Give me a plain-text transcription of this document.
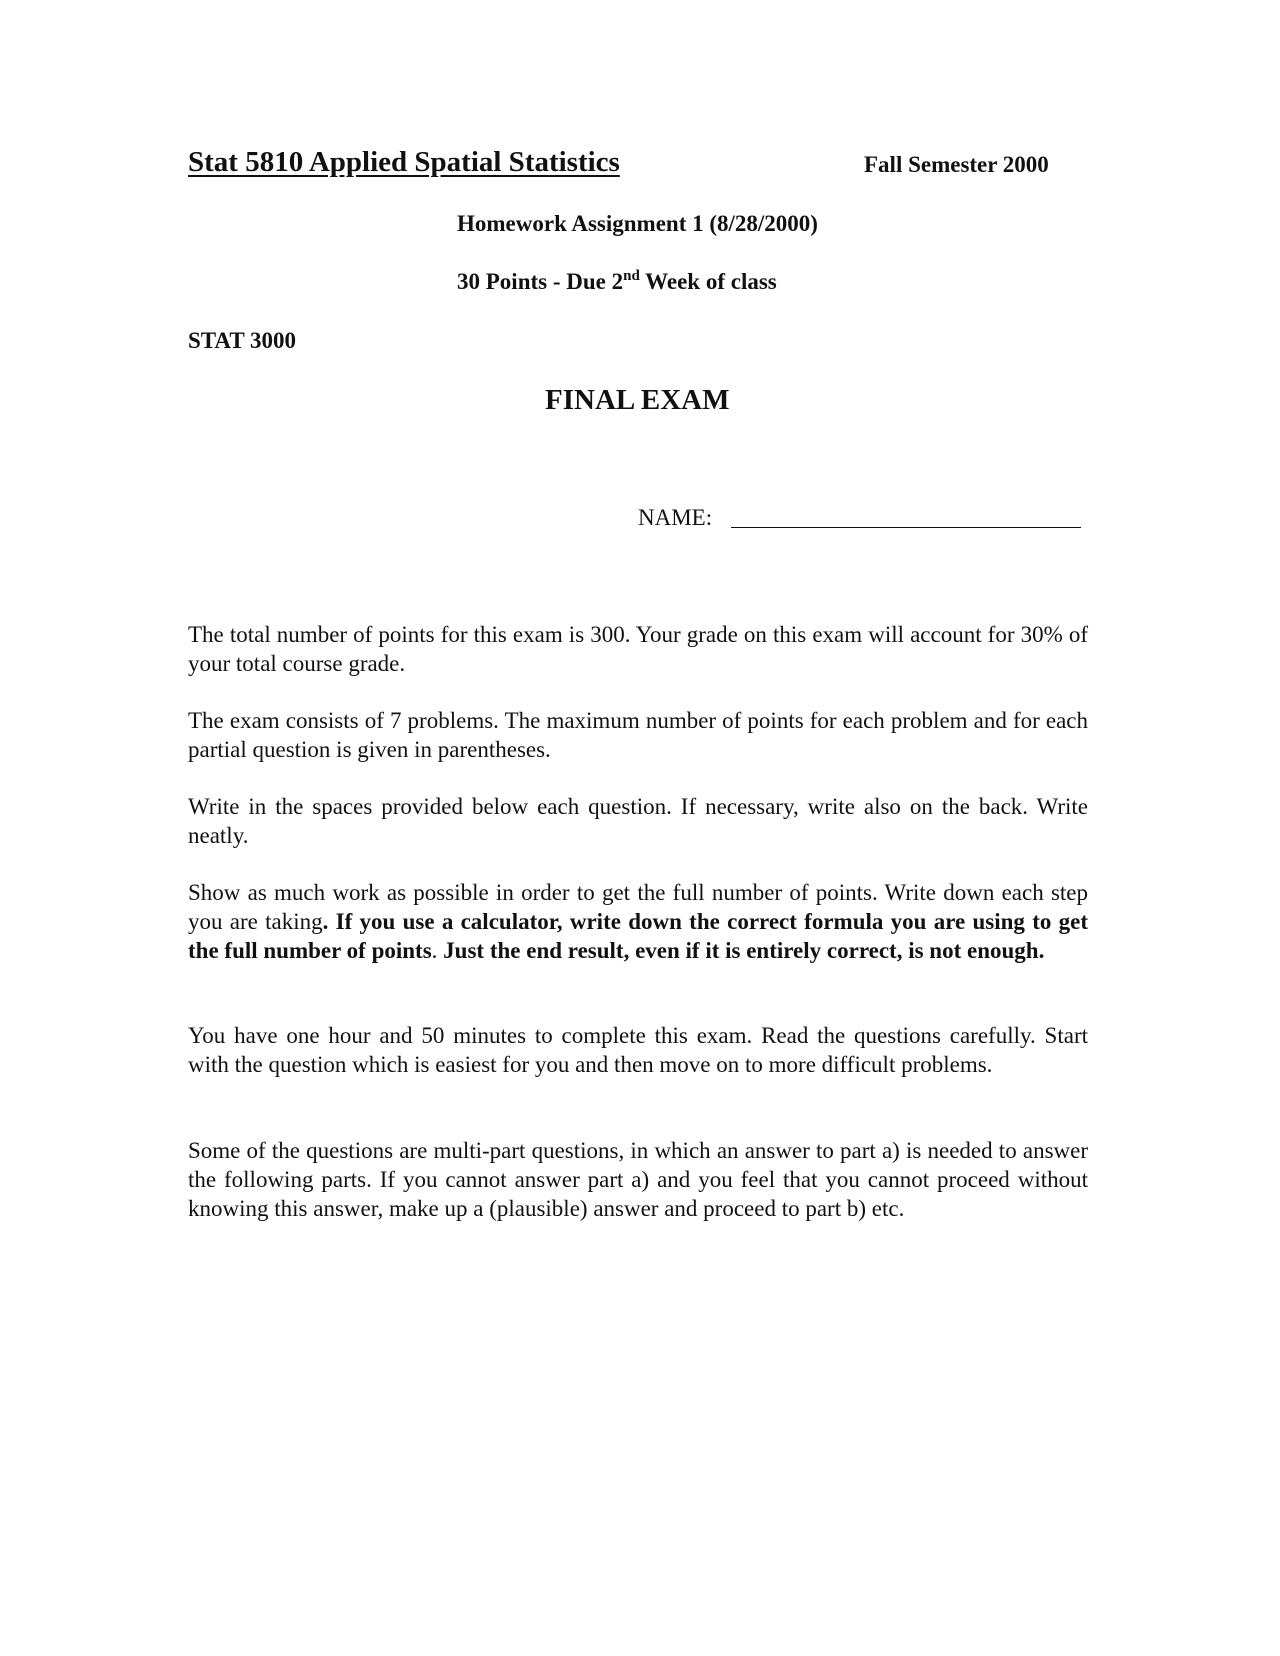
Stat 5810 Applied Spatial Statistics	Fall Semester 2000
Homework Assignment 1 (8/28/2000)
30 Points - Due 2nd Week of class
STAT 3000
FINAL EXAM
NAME:

The total number of points for this exam is 300. Your grade on this exam will account for 30% of your total course grade.

The exam consists of 7 problems. The maximum number of points for each problem and for each partial question is given in parentheses.

Write in the spaces provided below each question. If necessary, write also on the back. Write neatly.

Show as much work as possible in order to get the full number of points. Write down each step you are taking. If you use a calculator, write down the correct formula you are using to get the full number of points. Just the end result, even if it is entirely correct, is not enough.

You have one hour and 50 minutes to complete this exam. Read the questions carefully. Start with the question which is easiest for you and then move on to more difficult problems.

Some of the questions are multi-part questions, in which an answer to part a) is needed to answer the following parts. If you cannot answer part a) and you feel that you cannot proceed without knowing this answer, make up a (plausible) answer and proceed to part b) etc.
